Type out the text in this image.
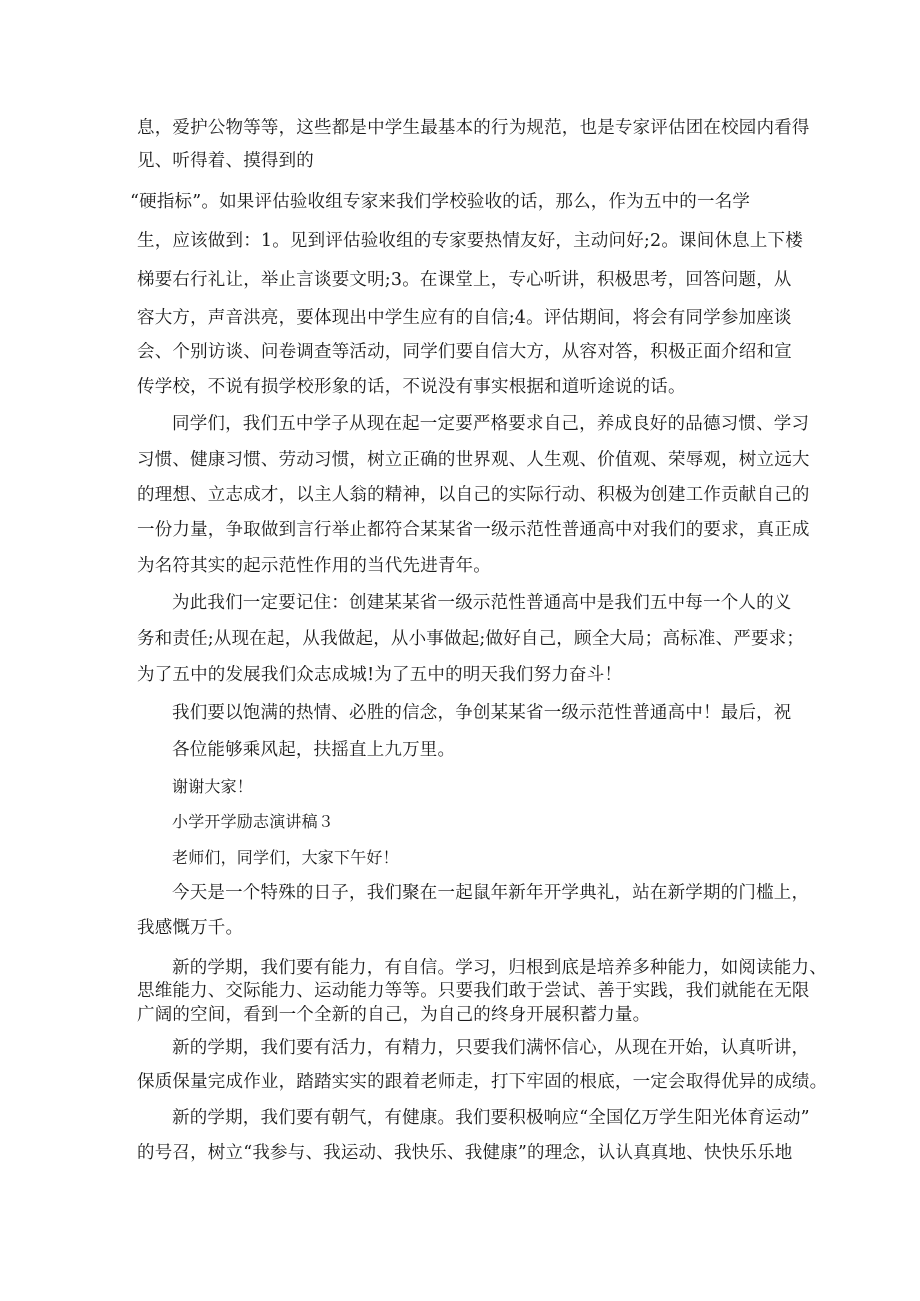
息，爱护公物等等，这些都是中学生最基本的行为规范，也是专家评估团在校园内看得
见、听得着、摸得到的
“硬指标”。如果评估验收组专家来我们学校验收的话，那么，作为五中的一名学
生，应该做到：1。见到评估验收组的专家要热情友好，主动问好;2。课间休息上下楼
梯要右行礼让，举止言谈要文明;3。在课堂上，专心听讲，积极思考，回答问题，从
容大方，声音洪亮，要体现出中学生应有的自信;4。评估期间，将会有同学参加座谈
会、个别访谈、问卷调查等活动，同学们要自信大方，从容对答，积极正面介绍和宣
传学校，不说有损学校形象的话，不说没有事实根据和道听途说的话。
同学们，我们五中学子从现在起一定要严格要求自己，养成良好的品德习惯、学习
习惯、健康习惯、劳动习惯，树立正确的世界观、人生观、价值观、荣辱观，树立远大
的理想、立志成才，以主人翁的精神，以自己的实际行动、积极为创建工作贡献自己的
一份力量，争取做到言行举止都符合某某省一级示范性普通高中对我们的要求，真正成
为名符其实的起示范性作用的当代先进青年。
为此我们一定要记住：创建某某省一级示范性普通高中是我们五中每一个人的义
务和责任;从现在起，从我做起，从小事做起;做好自己，顾全大局；高标准、严要求；
为了五中的发展我们众志成城!为了五中的明天我们努力奋斗！
我们要以饱满的热情、必胜的信念，争创某某省一级示范性普通高中！最后，祝
各位能够乘风起，扶摇直上九万里。
谢谢大家！
小学开学励志演讲稿３
老师们，同学们，大家下午好！
今天是一个特殊的日子，我们聚在一起鼠年新年开学典礼，站在新学期的门槛上，
我感慨万千。
新的学期，我们要有能力，有自信。学习，归根到底是培养多种能力，如阅读能力、
思维能力、交际能力、运动能力等等。只要我们敢于尝试、善于实践，我们就能在无限
广阔的空间，看到一个全新的自己，为自己的终身开展积蓄力量。
新的学期，我们要有活力，有精力，只要我们满怀信心，从现在开始，认真听讲，
保质保量完成作业，踏踏实实的跟着老师走，打下牢固的根底，一定会取得优异的成绩。
新的学期，我们要有朝气，有健康。我们要积极响应“全国亿万学生阳光体育运动”
的号召，树立“我参与、我运动、我快乐、我健康”的理念，认认真真地、快快乐乐地
